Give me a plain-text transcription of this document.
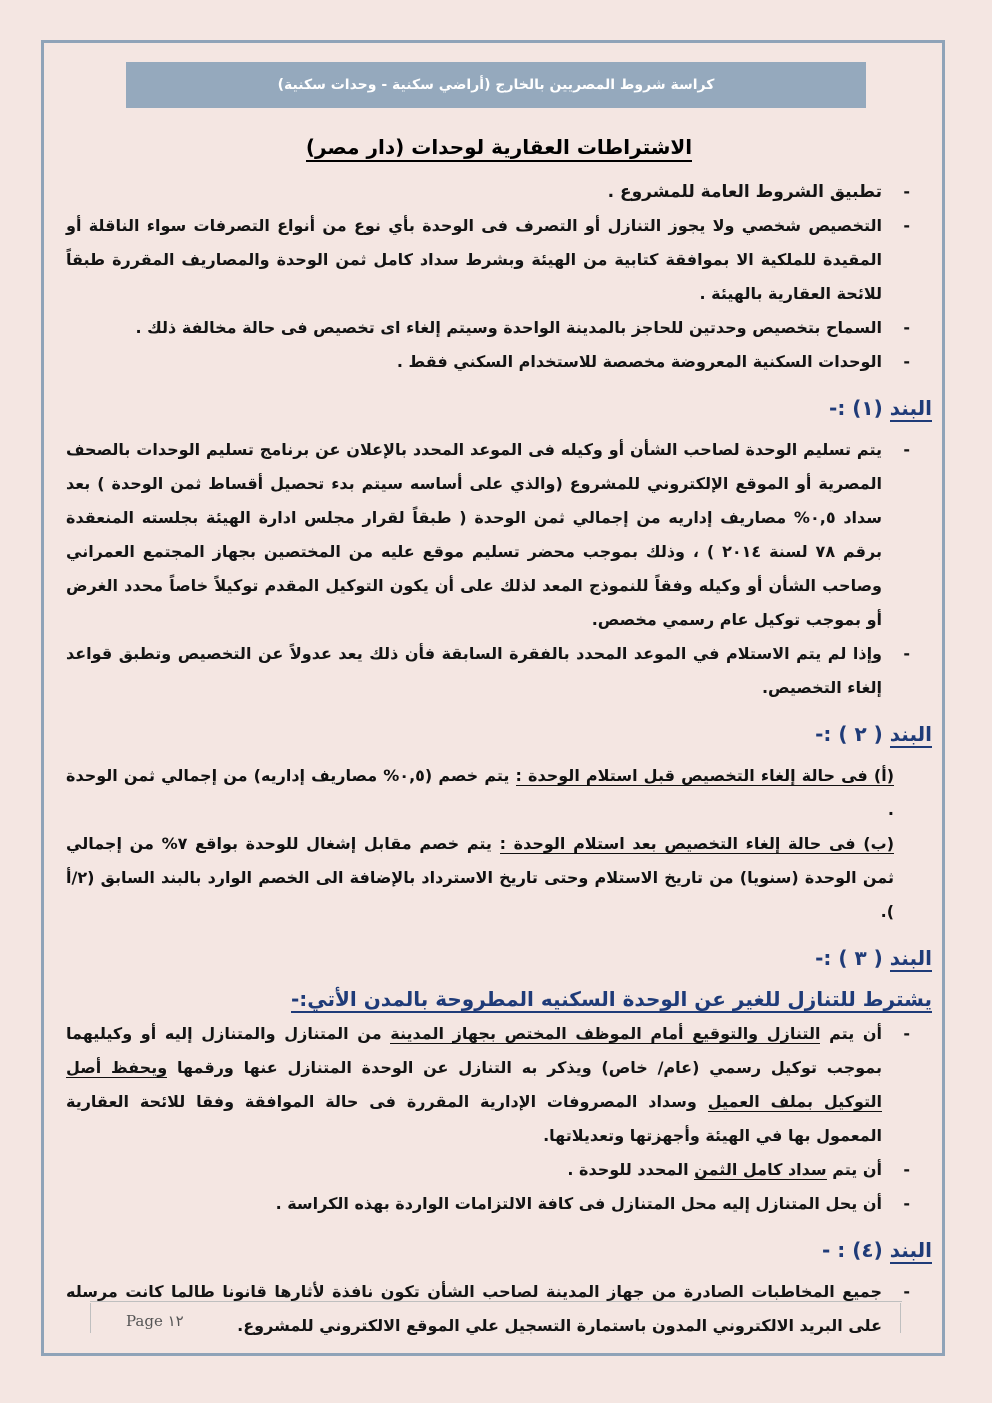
كراسة شروط المصريين بالخارج (أراضي سكنية - وحدات سكنية)
الاشتراطات العقارية لوحدات (دار مصر)
- تطبيق الشروط العامة للمشروع .
- التخصيص شخصي ولا يجوز التنازل أو التصرف فى الوحدة بأي نوع من أنواع التصرفات سواء الناقلة أو المقيدة للملكية الا بموافقة كتابية من الهيئة وبشرط سداد كامل ثمن الوحدة والمصاريف المقررة طبقاً للائحة العقارية بالهيئة .
- السماح بتخصيص وحدتين للحاجز بالمدينة الواحدة وسيتم إلغاء اى تخصيص فى حالة مخالفة ذلك .
- الوحدات السكنية المعروضة مخصصة للاستخدام السكني فقط .
البند (١) :-
- يتم تسليم الوحدة لصاحب الشأن أو وكيله فى الموعد المحدد بالإعلان عن برنامج تسليم الوحدات بالصحف المصرية أو الموقع الإلكتروني للمشروع (والذي على أساسه سيتم بدء تحصيل أقساط ثمن الوحدة ) بعد سداد ٠,٥% مصاريف إداريه من إجمالي ثمن الوحدة ( طبقاً لقرار مجلس ادارة الهيئة بجلسته المنعقدة برقم ٧٨ لسنة ٢٠١٤ ) ، وذلك بموجب محضر تسليم موقع عليه من المختصين بجهاز المجتمع العمراني وصاحب الشأن أو وكيله وفقاً للنموذج المعد لذلك على أن يكون التوكيل المقدم توكيلاً خاصاً محدد الغرض أو بموجب توكيل عام رسمي مخصص.
- وإذا لم يتم الاستلام في الموعد المحدد بالفقرة السابقة فأن ذلك يعد عدولاً عن التخصيص وتطبق قواعد إلغاء التخصيص.
البند ( ٢ ) :-
(أ) فى حالة إلغاء التخصيص قبل استلام الوحدة : يتم خصم (٠,٥% مصاريف إداريه) من إجمالي ثمن الوحدة .
(ب) فى حالة إلغاء التخصيص بعد استلام الوحدة : يتم خصم مقابل إشغال للوحدة بواقع ٧% من إجمالي ثمن الوحدة (سنويا) من تاريخ الاستلام وحتى تاريخ الاسترداد بالإضافة الى الخصم الوارد بالبند السابق (٢/أ ).
البند ( ٣ ) :-
يشترط للتنازل للغير عن الوحدة السكنيه المطروحة بالمدن الأتي:-
- أن يتم التنازل والتوقيع أمام الموظف المختص بجهاز المدينة من المتنازل والمتنازل إليه أو وكيليهما بموجب توكيل رسمي (عام/ خاص) ويذكر به التنازل عن الوحدة المتنازل عنها ورقمها ويحفظ أصل التوكيل بملف العميل وسداد المصروفات الإدارية المقررة فى حالة الموافقة وفقا للائحة العقارية المعمول بها في الهيئة وأجهزتها وتعديلاتها.
- أن يتم سداد كامل الثمن المحدد للوحدة .
- أن يحل المتنازل إليه محل المتنازل فى كافة الالتزامات الواردة بهذه الكراسة .
البند (٤) : -
- جميع المخاطبات الصادرة من جهاز المدينة لصاحب الشأن تكون نافذة لأثارها قانونا طالما كانت مرسله على البريد الالكتروني المدون باستمارة التسجيل علي الموقع الالكتروني للمشروع.
Page ١٢
